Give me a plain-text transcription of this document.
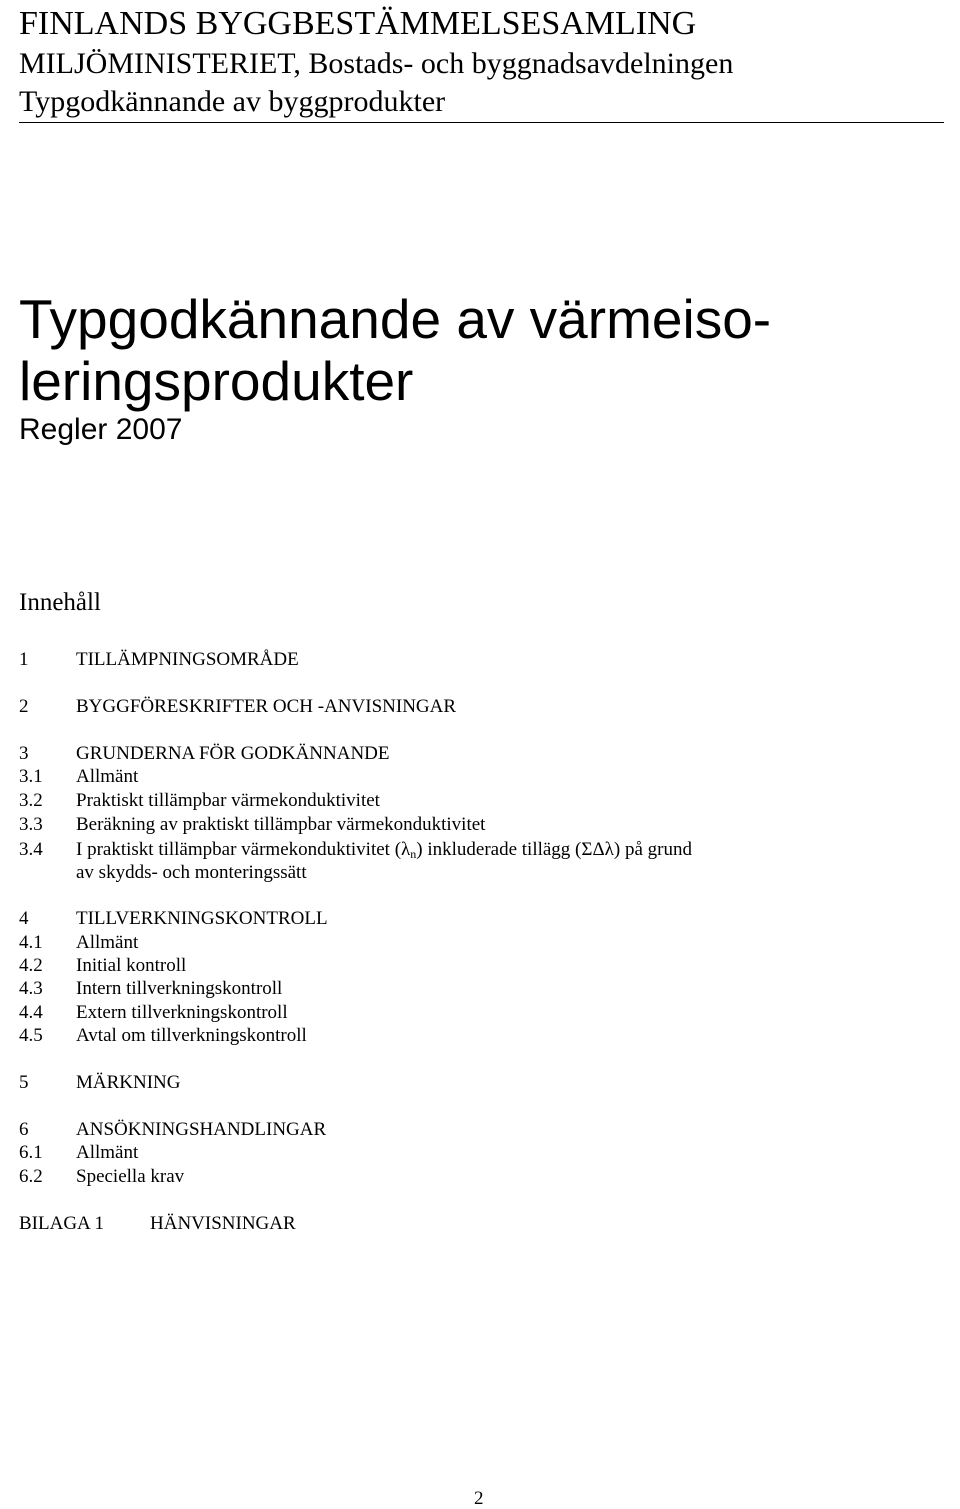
FINLANDS BYGGBESTÄMMELSESAMLING
MILJÖMINISTERIET, Bostads- och byggnadsavdelningen
Typgodkännande av byggprodukter
Typgodkännande av värmeiso-
leringsprodukter
Regler 2007
Innehåll
1	TILLÄMPNINGSOMRÅDE
2	BYGGFÖRESKRIFTER OCH -ANVISNINGAR
3	GRUNDERNA FÖR GODKÄNNANDE
3.1 Allmänt
3.2 Praktiskt tillämpbar värmekonduktivitet
3.3 Beräkning av praktiskt tillämpbar värmekonduktivitet
3.4 I praktiskt tillämpbar värmekonduktivitet $(\lambda_n)$ inkluderade tillägg (ΣΔλ) på grund
av skydds- och monteringssätt
4	TILLVERKNINGSKONTROLL
4.1 Allmänt
4.2 Initial kontroll
4.3 Intern tillverkningskontroll
4.4 Extern tillverkningskontroll
4.5 Avtal om tillverkningskontroll
5	MÄRKNING
6	ANSÖKNINGSHANDLINGAR
6.1 Allmänt
6.2 Speciella krav
BILAGA 1 HÄNVISNINGAR
2
